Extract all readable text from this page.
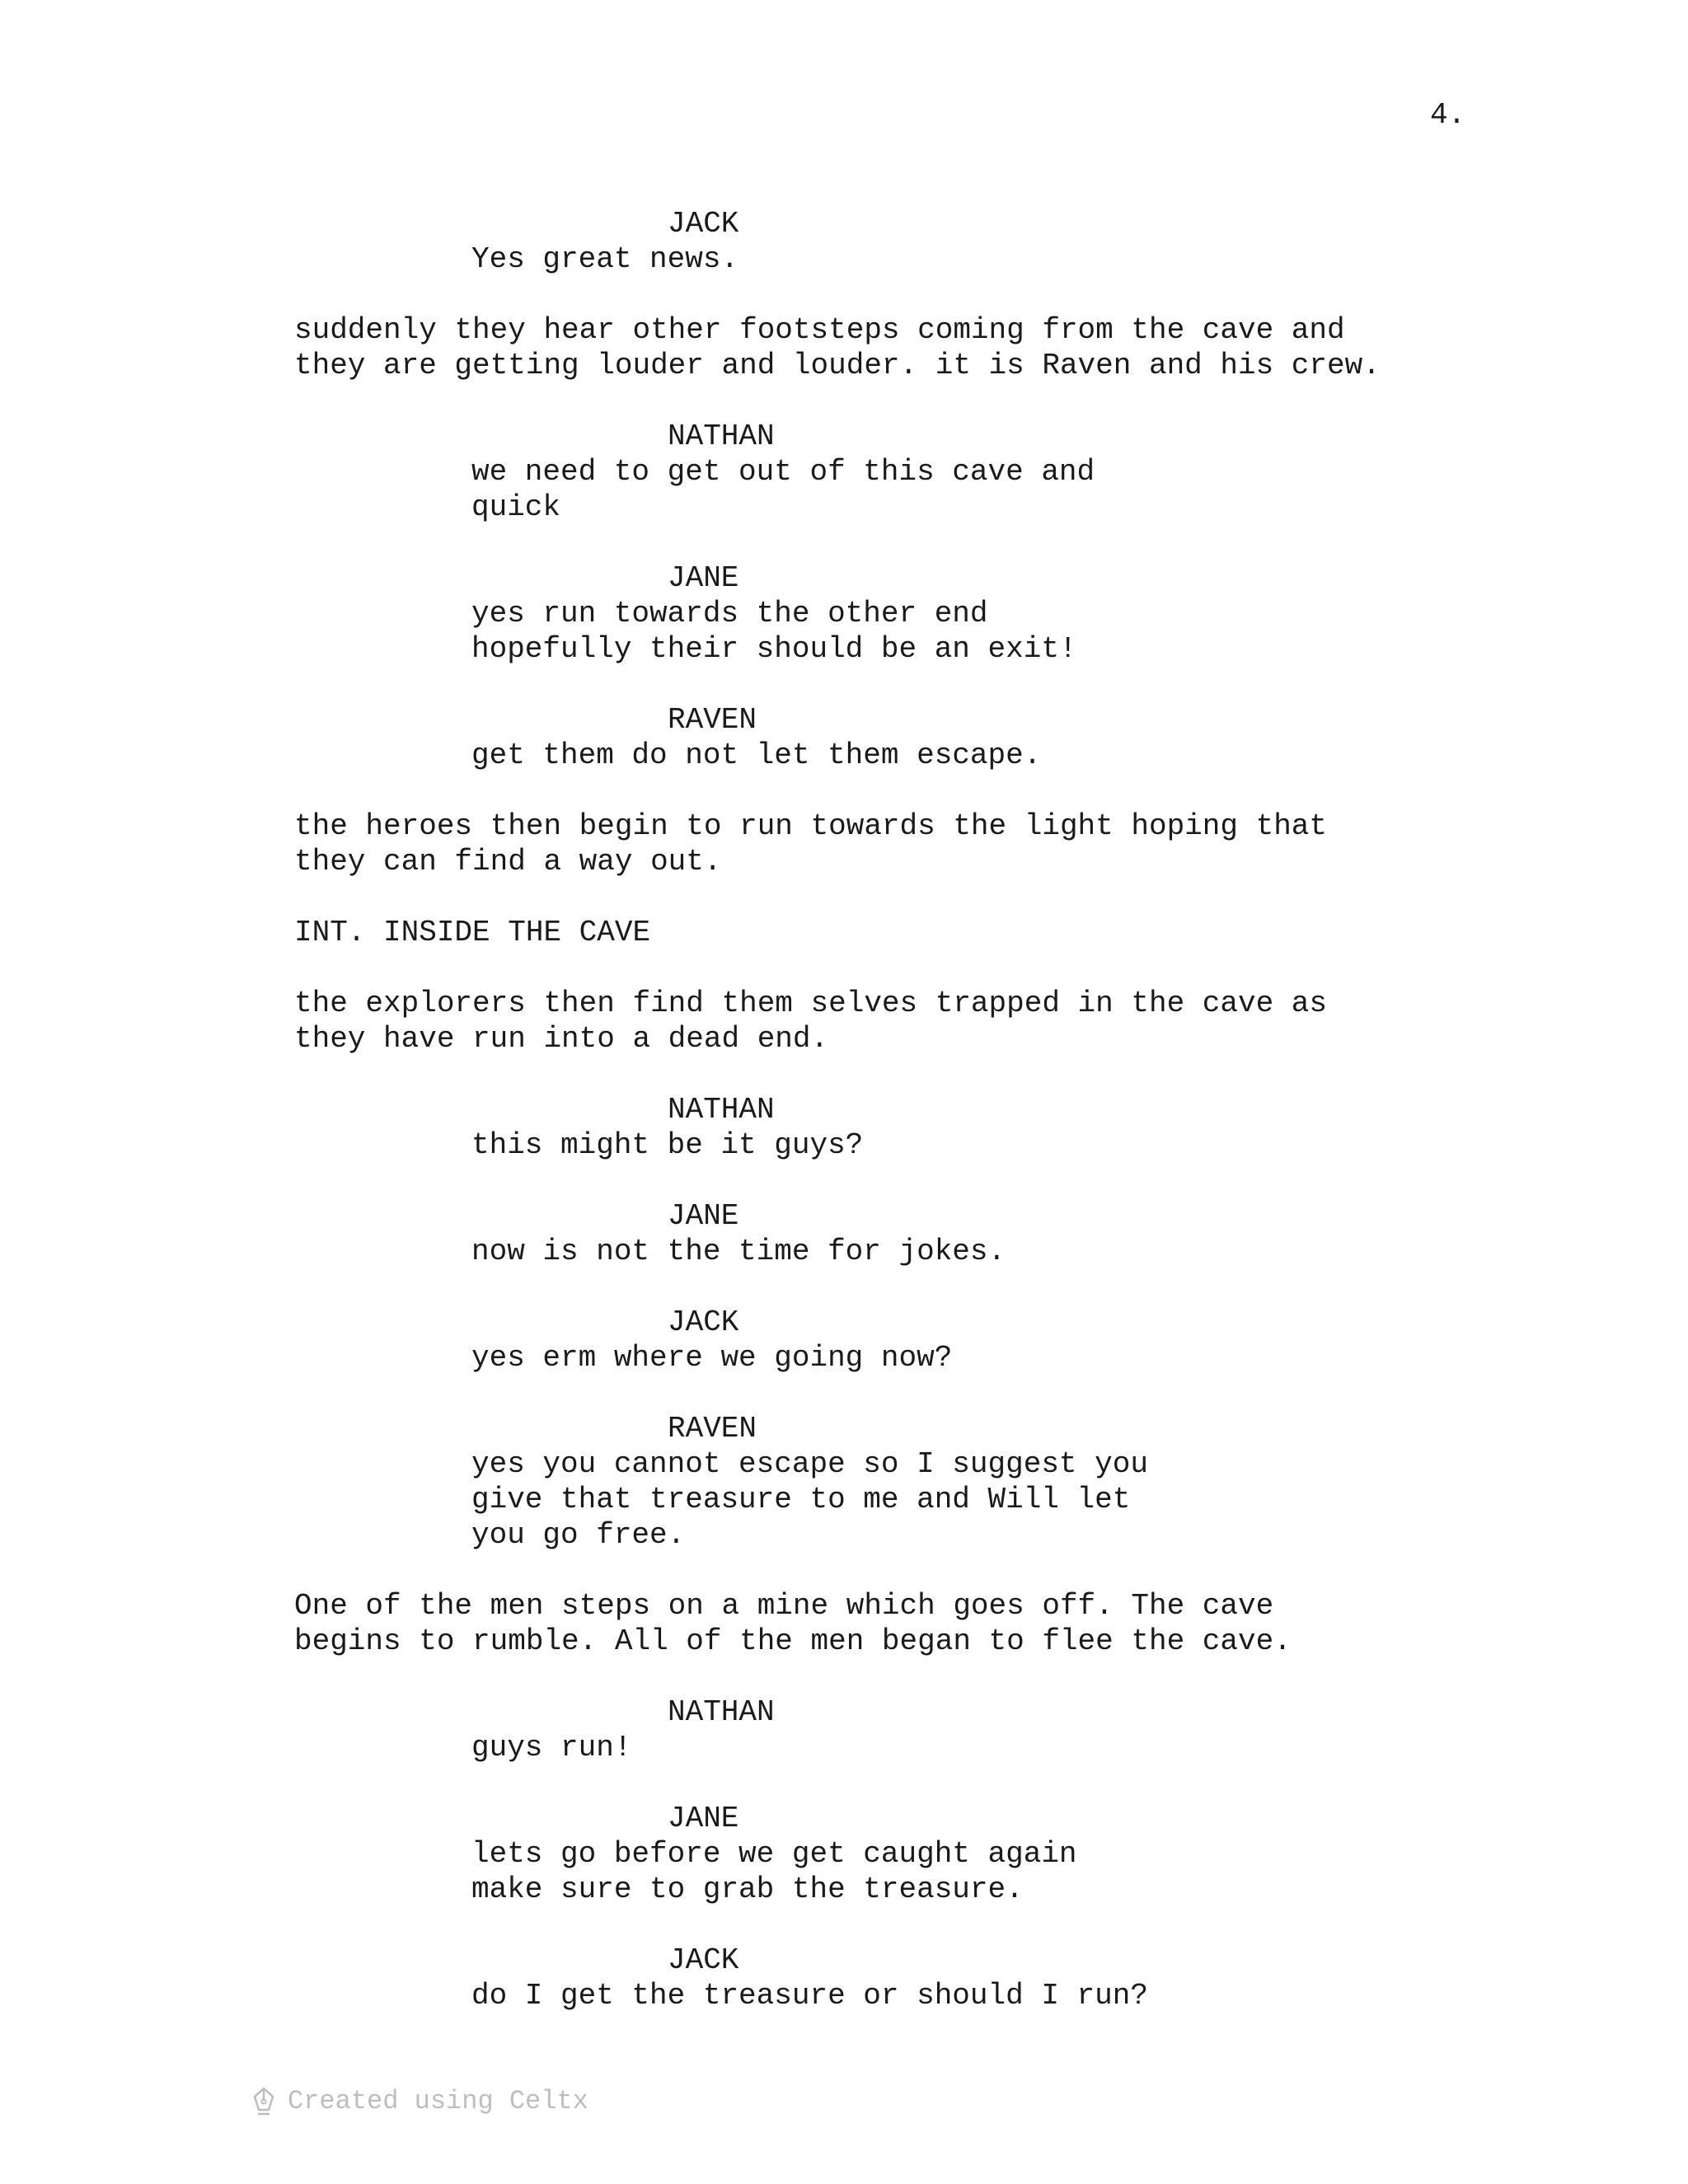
4.

JACK

Yes great news.

suddenly they hear other footsteps coming from the cave and
they are getting louder and louder. it is Raven and his crew.

NATHAN

we need to get out of this cave and
quick

JANE

yes run towards the other end
hopefully their should be an exit!

RAVEN

get them do not let them escape.

the heroes then begin to run towards the light hoping that
they can find a way out.

INT. INSIDE THE CAVE

the explorers then find them selves trapped in the cave as
they have run into a dead end.

NATHAN

this might be it guys?

JANE

now is not the time for jokes.

JACK

yes erm where we going now?

RAVEN

yes you cannot escape so I suggest you
give that treasure to me and Will let
you go free.

One of the men steps on a mine which goes off. The cave
begins to rumble. All of the men began to flee the cave.

NATHAN

guys run!

JANE

lets go before we get caught again
make sure to grab the treasure.

JACK

do I get the treasure or should I run?

Created using Celtx
